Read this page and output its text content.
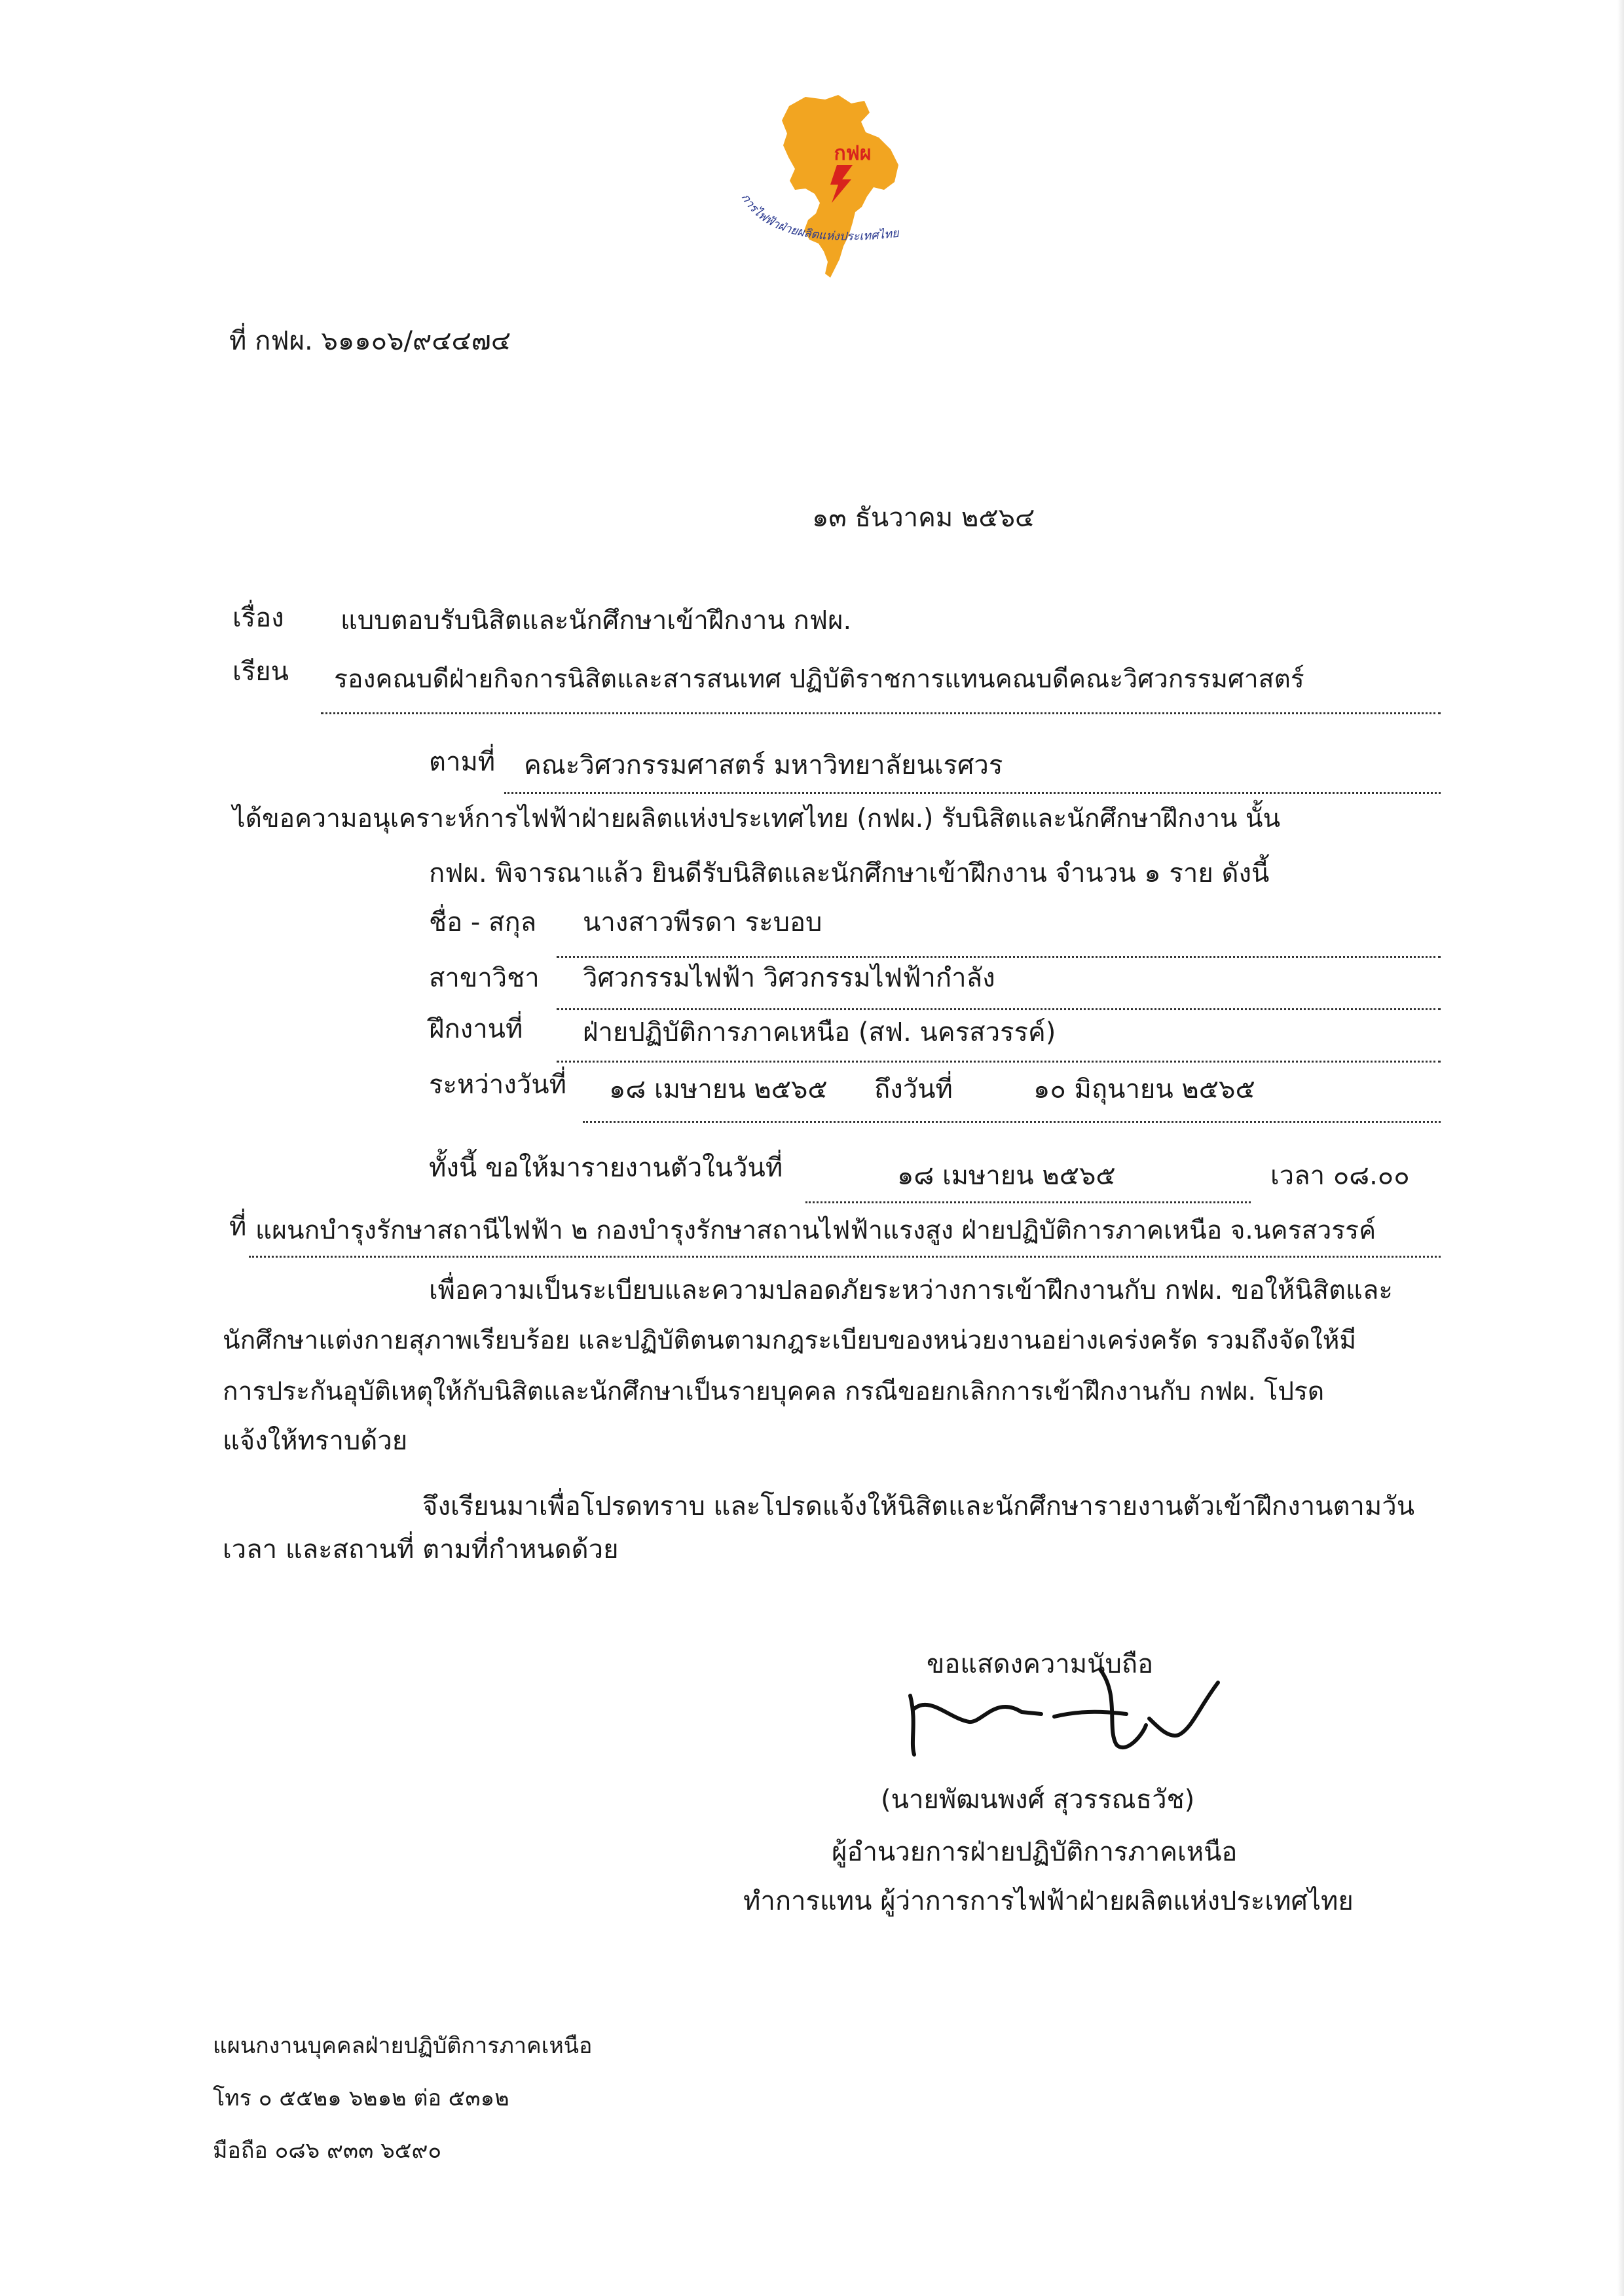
กฟผ
การไฟฟ้าฝ่ายผลิตแห่งประเทศไทย
ที่ กฟผ. ๖๑๑๐๖/๙๔๔๗๔
๑๓ ธันวาคม ๒๕๖๔
เรื่อง แบบตอบรับนิสิตและนักศึกษาเข้าฝึกงาน กฟผ.
เรียน รองคณบดีฝ่ายกิจการนิสิตและสารสนเทศ ปฏิบัติราชการแทนคณบดีคณะวิศวกรรมศาสตร์
ตามที่ คณะวิศวกรรมศาสตร์ มหาวิทยาลัยนเรศวร
ได้ขอความอนุเคราะห์การไฟฟ้าฝ่ายผลิตแห่งประเทศไทย (กฟผ.) รับนิสิตและนักศึกษาฝึกงาน นั้น
กฟผ. พิจารณาแล้ว ยินดีรับนิสิตและนักศึกษาเข้าฝึกงาน จำนวน ๑ ราย ดังนี้
ชื่อ - สกุล นางสาวพีรดา ระบอบ
สาขาวิชา วิศวกรรมไฟฟ้า วิศวกรรมไฟฟ้ากำลัง
ฝึกงานที่ ฝ่ายปฏิบัติการภาคเหนือ (สฟ. นครสวรรค์)
ระหว่างวันที่ ๑๘ เมษายน ๒๕๖๕ ถึงวันที่	๑๐ มิถุนายน ๒๕๖๕
ทั้งนี้ ขอให้มารายงานตัวในวันที่	๑๘ เมษายน ๒๕๖๕	เวลา ๐๘.๐๐
ที่ แผนกบำรุงรักษาสถานีไฟฟ้า ๒ กองบำรุงรักษาสถานไฟฟ้าแรงสูง ฝ่ายปฏิบัติการภาคเหนือ จ.นครสวรรค์
เพื่อความเป็นระเบียบและความปลอดภัยระหว่างการเข้าฝึกงานกับ กฟผ. ขอให้นิสิตและ
นักศึกษาแต่งกายสุภาพเรียบร้อย และปฏิบัติตนตามกฎระเบียบของหน่วยงานอย่างเคร่งครัด รวมถึงจัดให้มี
การประกันอุบัติเหตุให้กับนิสิตและนักศึกษาเป็นรายบุคคล กรณีขอยกเลิกการเข้าฝึกงานกับ กฟผ. โปรด
แจ้งให้ทราบด้วย
จึงเรียนมาเพื่อโปรดทราบ และโปรดแจ้งให้นิสิตและนักศึกษารายงานตัวเข้าฝึกงานตามวัน
เวลา และสถานที่ ตามที่กำหนดด้วย
ขอแสดงความนับถือ
(นายพัฒนพงศ์ สุวรรณธวัช)
ผู้อำนวยการฝ่ายปฏิบัติการภาคเหนือ
ทำการแทน ผู้ว่าการการไฟฟ้าฝ่ายผลิตแห่งประเทศไทย
แผนกงานบุคคลฝ่ายปฏิบัติการภาคเหนือ
โทร ๐ ๕๕๒๑ ๖๒๑๒ ต่อ ๕๓๑๒
มือถือ ๐๘๖ ๙๓๓ ๖๕๙๐
